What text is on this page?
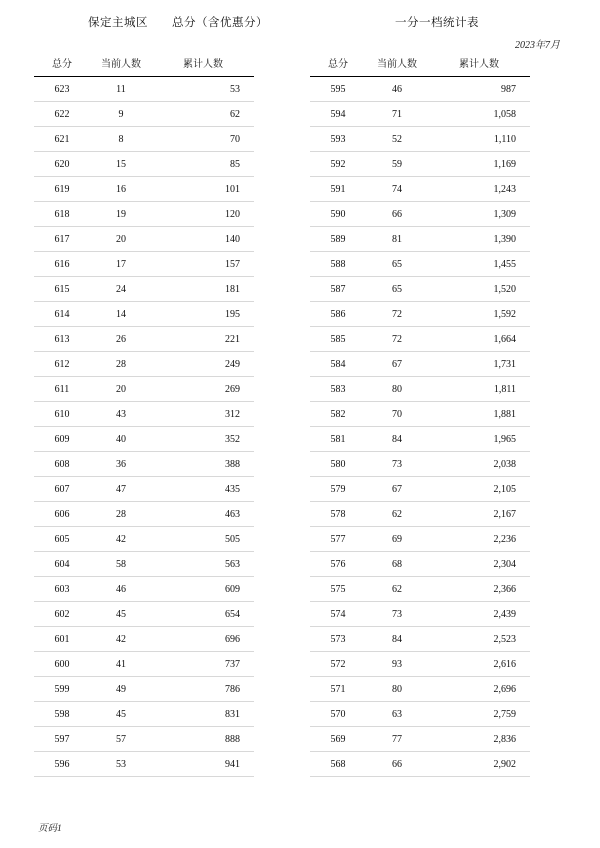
保定主城区 总分（含优惠分）	一分一档统计表
2023年7月
总分	当前人数	累计人数
623	11	53
622	9	62
621	8	70
620	15	85
619	16	101
618	19	120
617	20	140
616	17	157
615	24	181
614	14	195
613	26	221
612	28	249
611	20	269
610	43	312
609	40	352
608	36	388
607	47	435
606	28	463
605	42	505
604	58	563
603	46	609
602	45	654
601	42	696
600	41	737
599	49	786
598	45	831
597	57	888
596	53	941
总分	当前人数	累计人数
595	46	987
594	71	1,058
593	52	1,110
592	59	1,169
591	74	1,243
590	66	1,309
589	81	1,390
588	65	1,455
587	65	1,520
586	72	1,592
585	72	1,664
584	67	1,731
583	80	1,811
582	70	1,881
581	84	1,965
580	73	2,038
579	67	2,105
578	62	2,167
577	69	2,236
576	68	2,304
575	62	2,366
574	73	2,439
573	84	2,523
572	93	2,616
571	80	2,696
570	63	2,759
569	77	2,836
568	66	2,902
页码1
